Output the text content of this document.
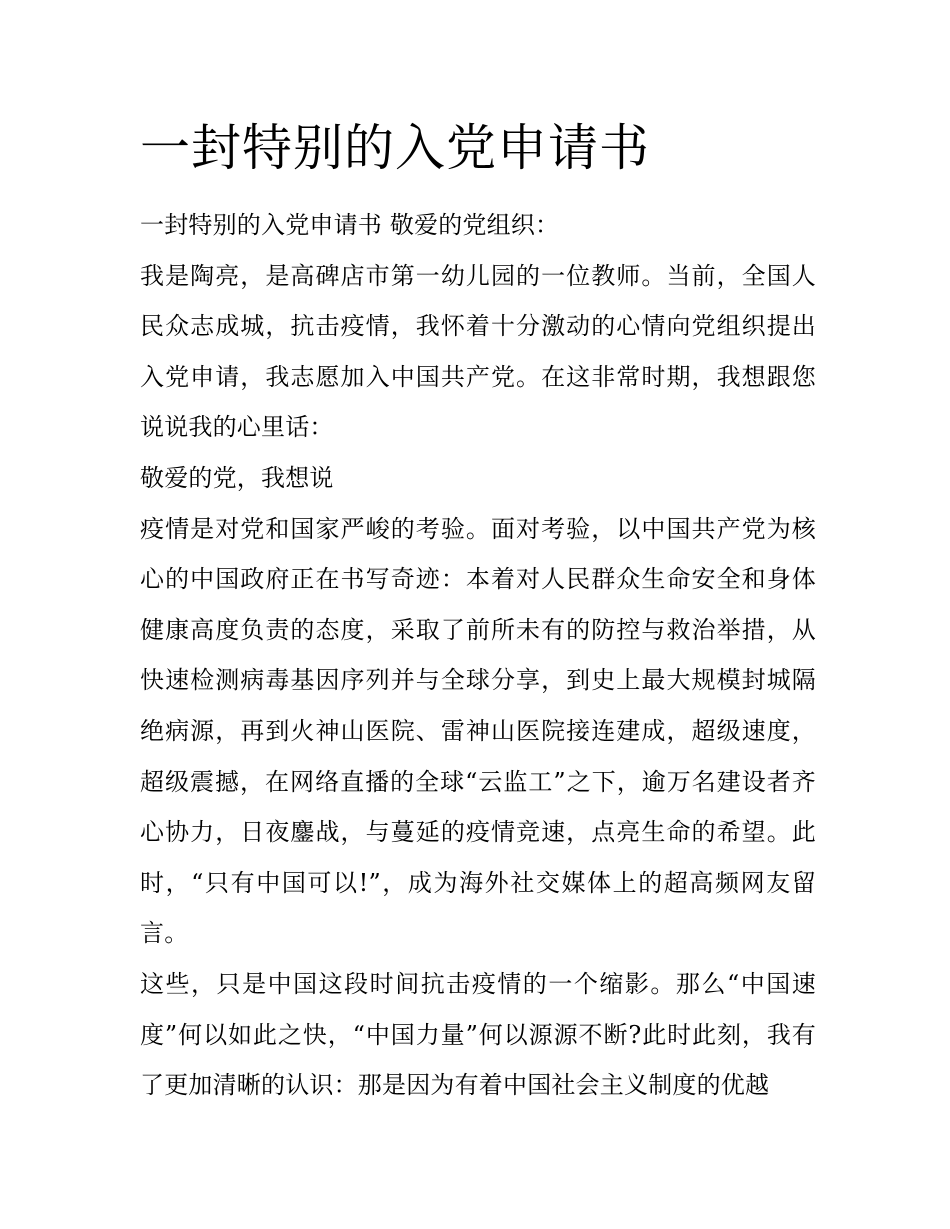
一封特别的入党申请书

一封特别的入党申请书 敬爱的党组织：

我是陶亮，是高碑店市第一幼儿园的一位教师。当前，全国人民众志成城，抗击疫情，我怀着十分激动的心情向党组织提出入党申请，我志愿加入中国共产党。在这非常时期，我想跟您说说我的心里话：

敬爱的党，我想说

疫情是对党和国家严峻的考验。面对考验，以中国共产党为核心的中国政府正在书写奇迹：本着对人民群众生命安全和身体健康高度负责的态度，采取了前所未有的防控与救治举措，从快速检测病毒基因序列并与全球分享，到史上最大规模封城隔绝病源，再到火神山医院、雷神山医院接连建成，超级速度，超级震撼，在网络直播的全球“云监工”之下，逾万名建设者齐心协力，日夜鏖战，与蔓延的疫情竞速，点亮生命的希望。此时，“只有中国可以!”，成为海外社交媒体上的超高频网友留言。

这些，只是中国这段时间抗击疫情的一个缩影。那么“中国速度”何以如此之快，“中国力量”何以源源不断?此时此刻，我有了更加清晰的认识：那是因为有着中国社会主义制度的优越
